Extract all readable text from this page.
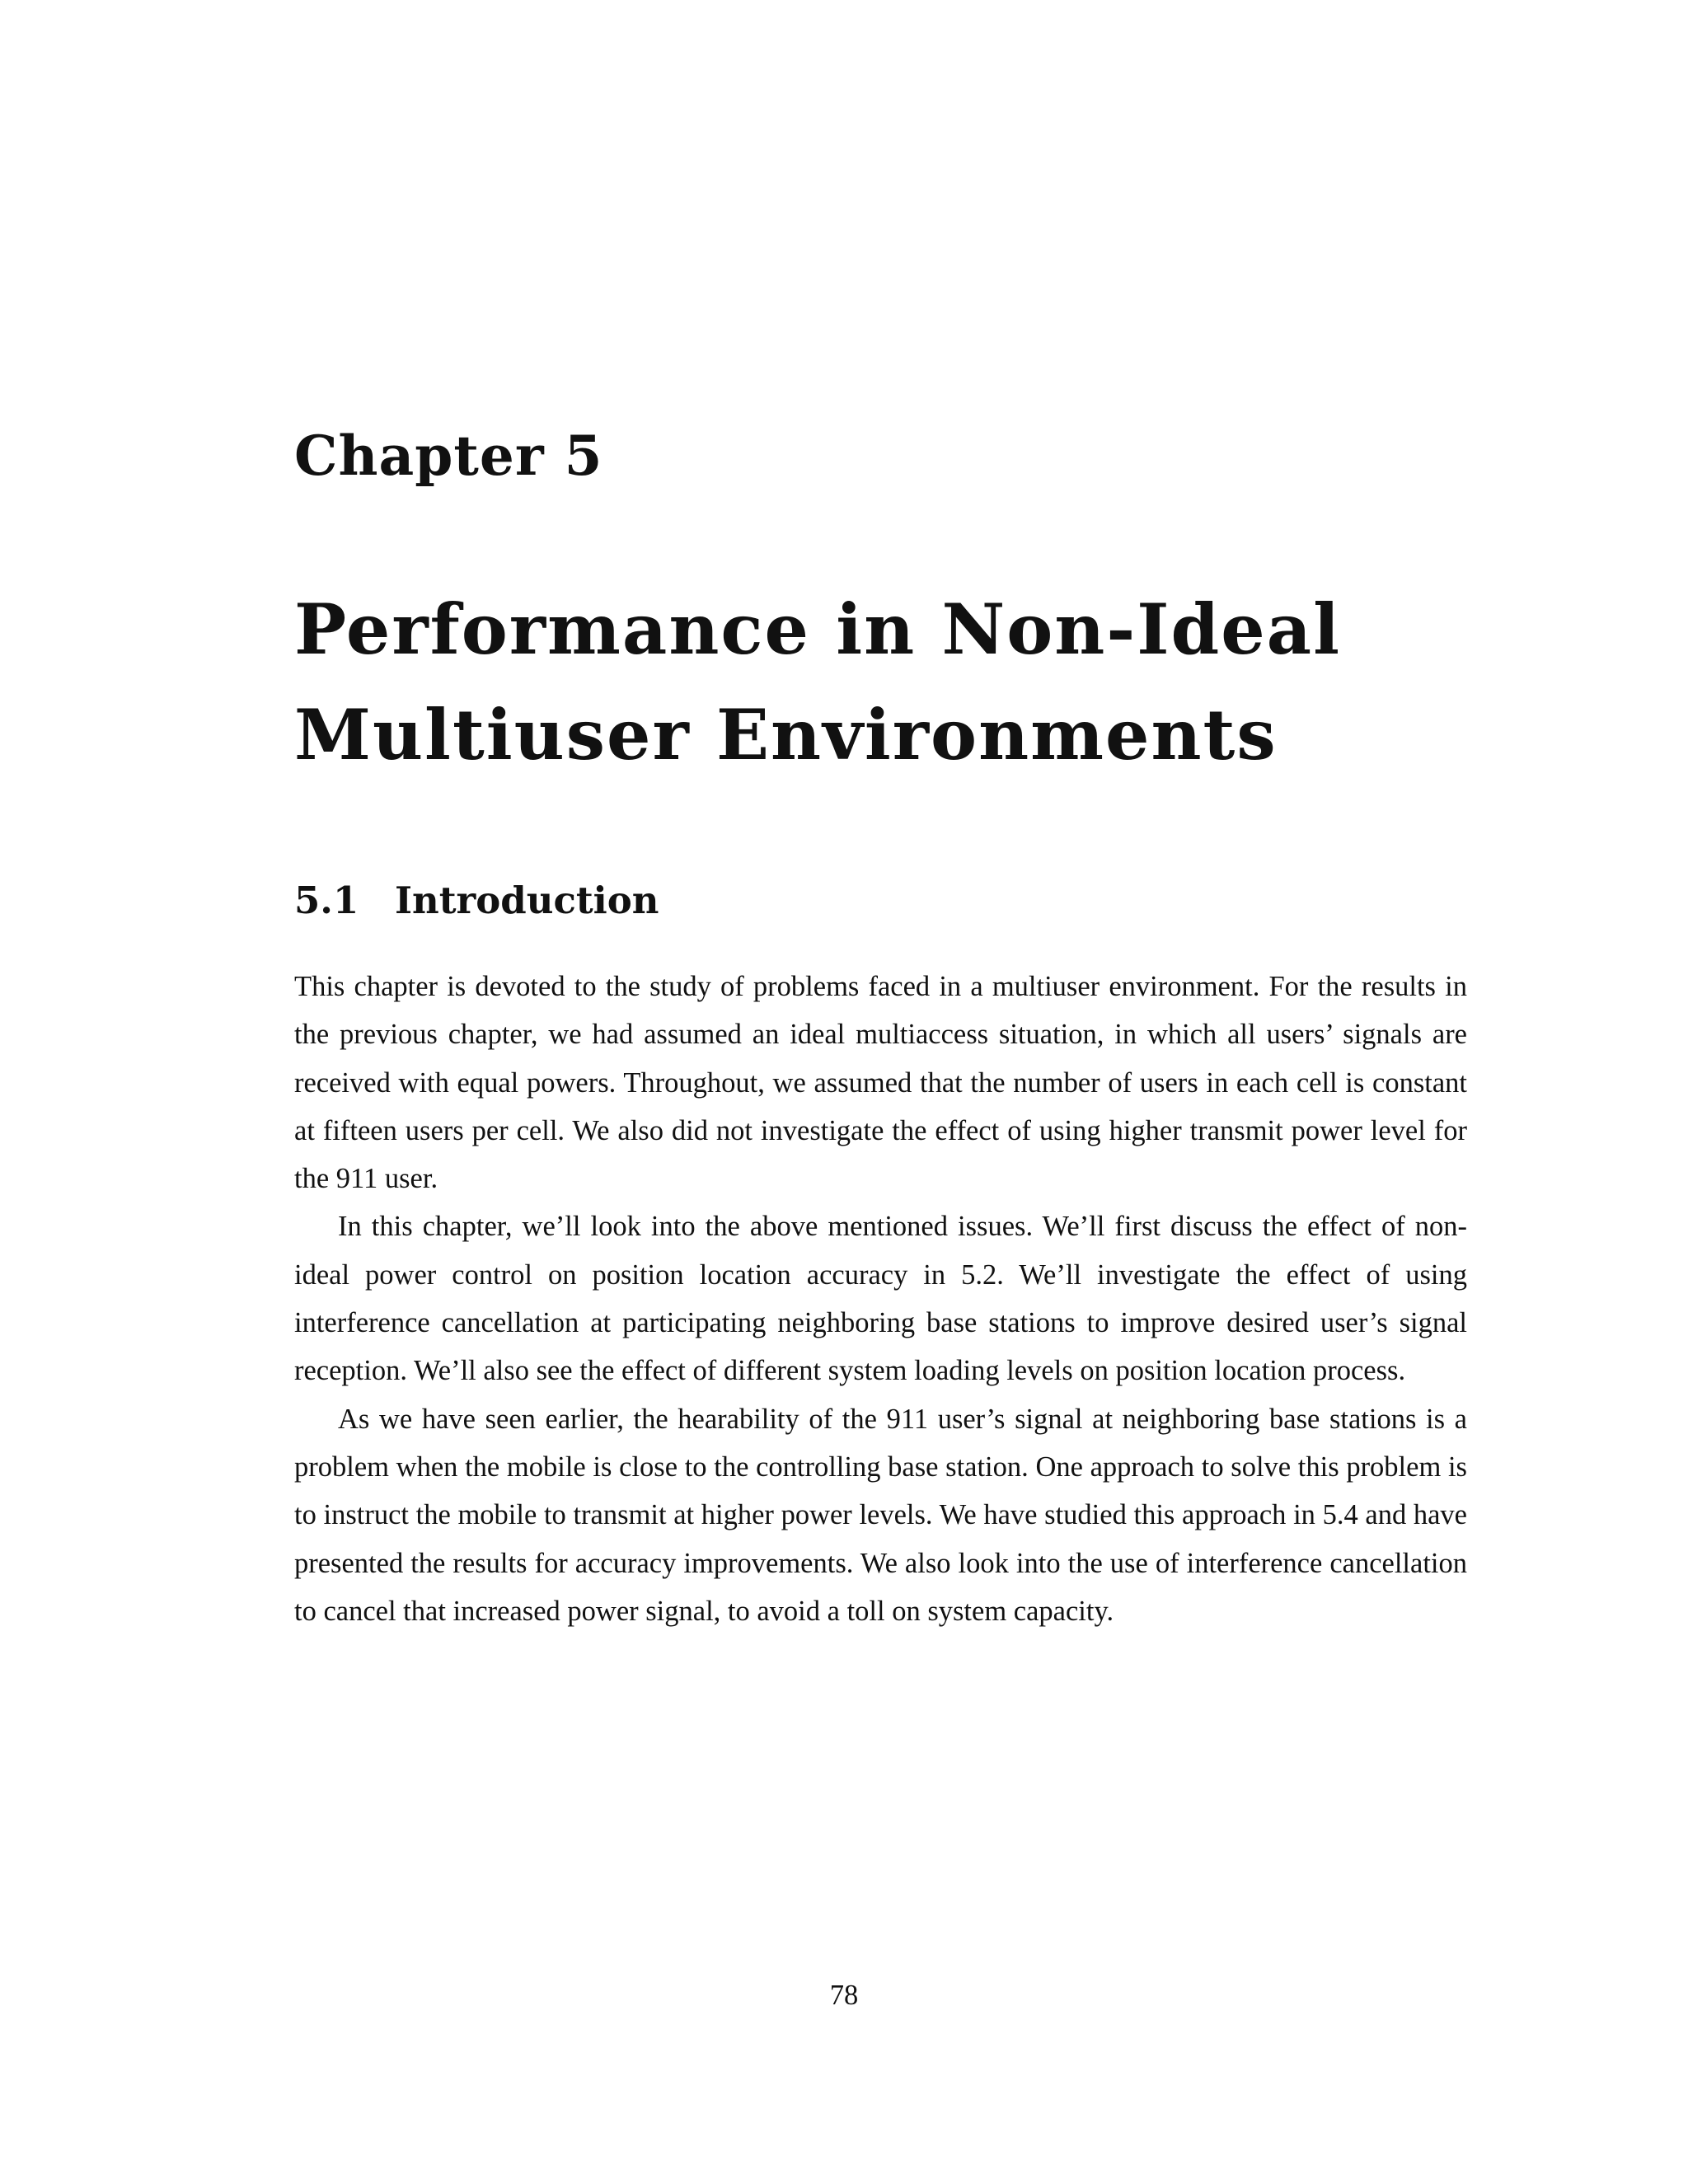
Chapter 5
Performance in Non-Ideal
Multiuser Environments
5.1 Introduction

This chapter is devoted to the study of problems faced in a multiuser environment. For the results in the previous chapter, we had assumed an ideal multiaccess situation, in which all users’ signals are received with equal powers. Throughout, we assumed that the number of users in each cell is constant at fifteen users per cell. We also did not investigate the effect of using higher transmit power level for the 911 user.

In this chapter, we’ll look into the above mentioned issues. We’ll first discuss the effect of non-ideal power control on position location accuracy in 5.2. We’ll investigate the effect of using interference cancellation at participating neighboring base stations to improve desired user’s signal reception. We’ll also see the effect of different system loading levels on position location process.

As we have seen earlier, the hearability of the 911 user’s signal at neighboring base stations is a problem when the mobile is close to the controlling base station. One approach to solve this problem is to instruct the mobile to transmit at higher power levels. We have studied this approach in 5.4 and have presented the results for accuracy improvements. We also look into the use of interference cancellation to cancel that increased power signal, to avoid a toll on system capacity.

78
